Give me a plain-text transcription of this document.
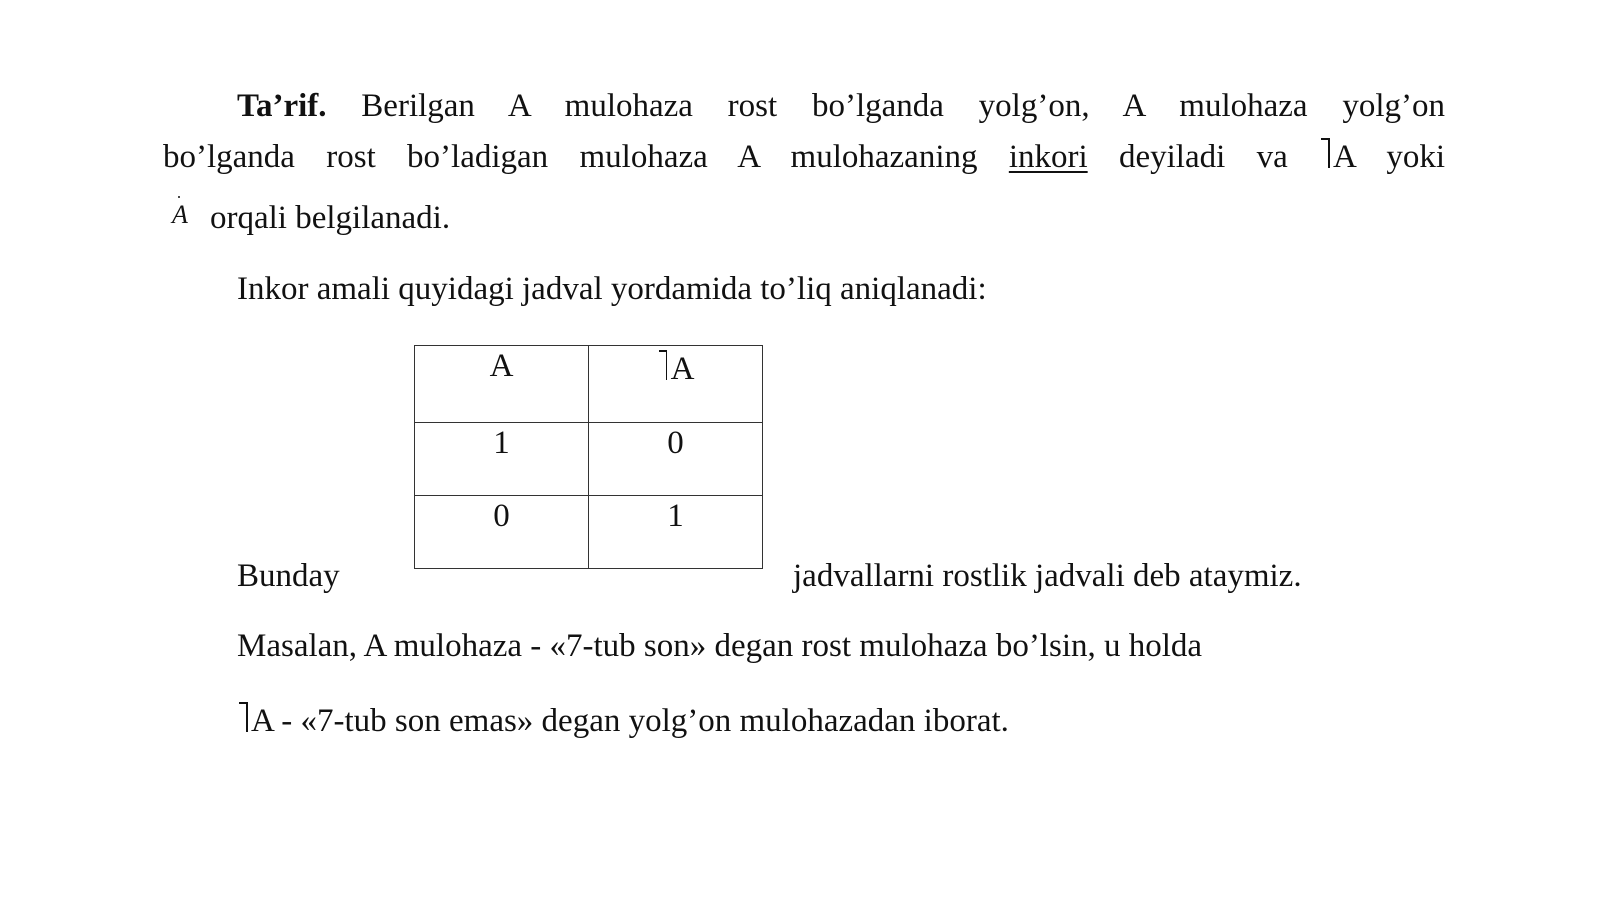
Ta’rif. Berilgan A mulohaza rost bo’lganda yolg’on, A mulohaza yolg’on
bo’lganda rost bo’ladigan mulohaza A mulohazaning inkori deyiladi va A yoki
A orqali belgilanadi.
Inkor amali quyidagi jadval yordamida to’liq aniqlanadi:
A	A

1	0

0	1
Bunday	jadvallarni rostlik jadvali deb ataymiz.
Masalan, A mulohaza - «7-tub son» degan rost mulohaza bo’lsin, u holda
A - «7-tub son emas» degan yolg’on mulohazadan iborat.
